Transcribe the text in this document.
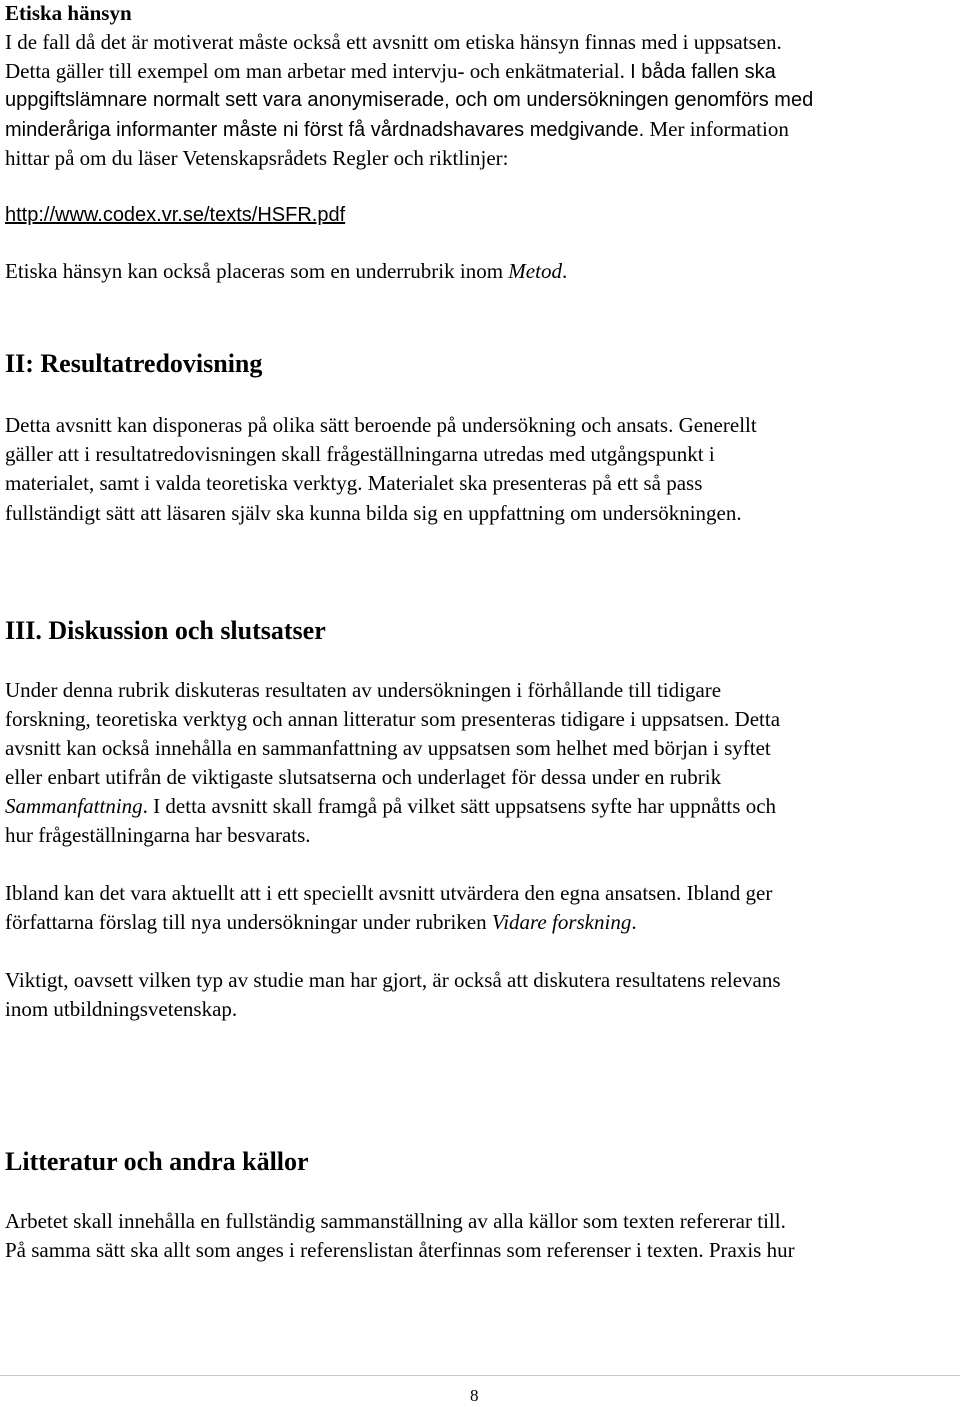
Etiska hänsyn
I de fall då det är motiverat måste också ett avsnitt om etiska hänsyn finnas med i uppsatsen.
Detta gäller till exempel om man arbetar med intervju- och enkätmaterial. I båda fallen ska
uppgiftslämnare normalt sett vara anonymiserade, och om undersökningen genomförs med
minderåriga informanter måste ni först få vårdnadshavares medgivande. Mer information
hittar på om du läser Vetenskapsrådets Regler och riktlinjer:
http://www.codex.vr.se/texts/HSFR.pdf
Etiska hänsyn kan också placeras som en underrubrik inom Metod.
II: Resultatredovisning
Detta avsnitt kan disponeras på olika sätt beroende på undersökning och ansats. Generellt
gäller att i resultatredovisningen skall frågeställningarna utredas med utgångspunkt i
materialet, samt i valda teoretiska verktyg. Materialet ska presenteras på ett så pass
fullständigt sätt att läsaren själv ska kunna bilda sig en uppfattning om undersökningen.
III. Diskussion och slutsatser
Under denna rubrik diskuteras resultaten av undersökningen i förhållande till tidigare
forskning, teoretiska verktyg och annan litteratur som presenteras tidigare i uppsatsen. Detta
avsnitt kan också innehålla en sammanfattning av uppsatsen som helhet med början i syftet
eller enbart utifrån de viktigaste slutsatserna och underlaget för dessa under en rubrik
Sammanfattning. I detta avsnitt skall framgå på vilket sätt uppsatsens syfte har uppnåtts och
hur frågeställningarna har besvarats.
Ibland kan det vara aktuellt att i ett speciellt avsnitt utvärdera den egna ansatsen. Ibland ger
författarna förslag till nya undersökningar under rubriken Vidare forskning.
Viktigt, oavsett vilken typ av studie man har gjort, är också att diskutera resultatens relevans
inom utbildningsvetenskap.
Litteratur och andra källor
Arbetet skall innehålla en fullständig sammanställning av alla källor som texten refererar till.
På samma sätt ska allt som anges i referenslistan återfinnas som referenser i texten. Praxis hur
8
